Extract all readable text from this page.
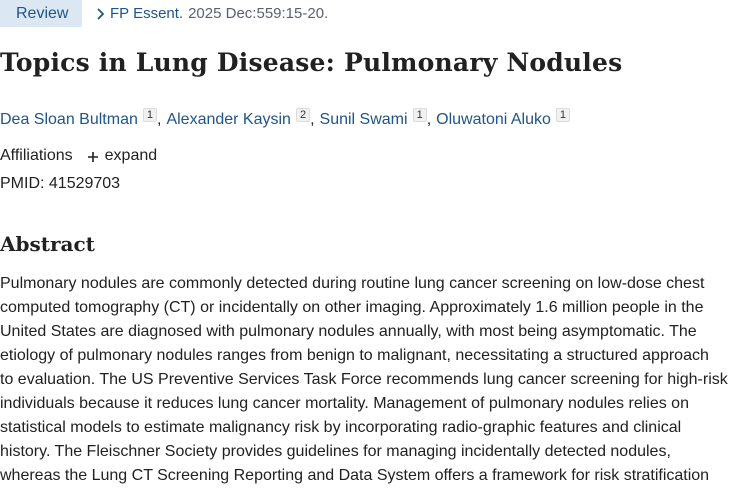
Review	FP Essent. 2025 Dec:559:15-20.
Topics in Lung Disease: Pulmonary Nodules
Dea Sloan Bultman 1 , Alexander Kaysin 2 , Sunil Swami 1 , Oluwatoni Aluko 1
Affiliations expand
PMID: 41529703
Abstract
Pulmonary nodules are commonly detected during routine lung cancer screening on low-dose chest
computed tomography (CT) or incidentally on other imaging. Approximately 1.6 million people in the
United States are diagnosed with pulmonary nodules annually, with most being asymptomatic. The
etiology of pulmonary nodules ranges from benign to malignant, necessitating a structured approach
to evaluation. The US Preventive Services Task Force recommends lung cancer screening for high-risk
individuals because it reduces lung cancer mortality. Management of pulmonary nodules relies on
statistical models to estimate malignancy risk by incorporating radio-graphic features and clinical
history. The Fleischner Society provides guidelines for managing incidentally detected nodules,
whereas the Lung CT Screening Reporting and Data System offers a framework for risk stratification
